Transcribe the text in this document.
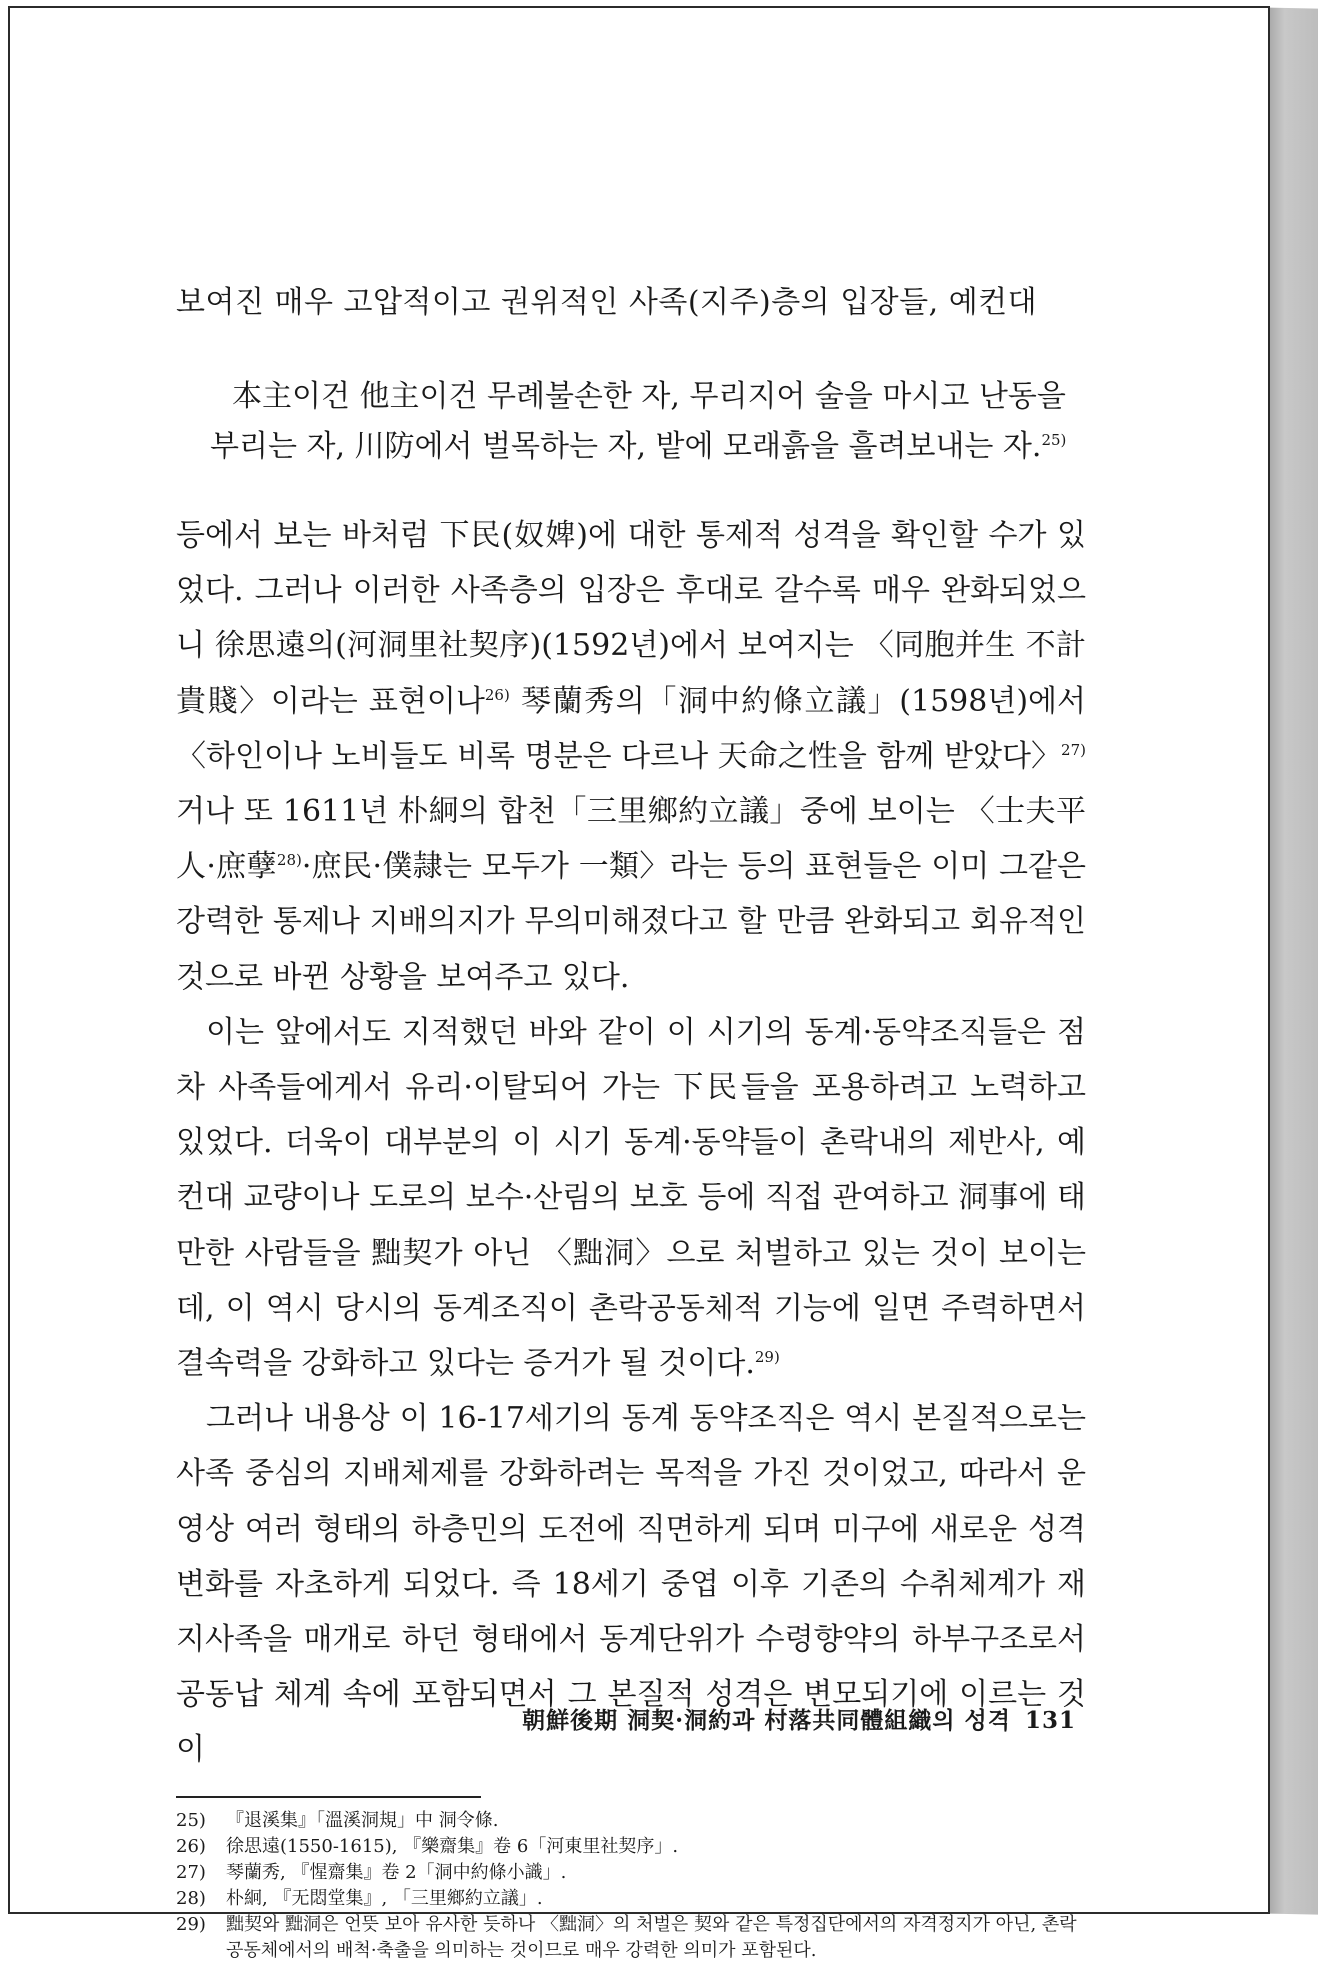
보여진 매우 고압적이고 권위적인 사족(지주)층의 입장들, 예컨대

本主이건 他主이건 무례불손한 자, 무리지어 술을 마시고 난동을

부리는 자, 川防에서 벌목하는 자, 밭에 모래흙을 흘려보내는 자.$^{25)}$

등에서 보는 바처럼 下民(奴婢)에 대한 통제적 성격을 확인할 수가 있었다. 그러나 이러한 사족층의 입장은 후대로 갈수록 매우 완화되었으니 徐思遠의(河洞里社契序)(1592년)에서 보여지는 〈同胞并生 不計貴賤〉이라는 표현이나$^{26)}$ 琴蘭秀의「洞中約條立議」(1598년)에서 〈하인이나 노비들도 비록 명분은 다르나 天命之性을 함께 받았다〉$^{27)}$거나 또 1611년 朴絅의 합천「三里鄉約立議」중에 보이는 〈士夫平人·庶孽$^{28)}$·庶民·僕隷는 모두가 一類〉라는 등의 표현들은 이미 그같은 강력한 통제나 지배의지가 무의미해졌다고 할 만큼 완화되고 회유적인 것으로 바뀐 상황을 보여주고 있다.

이는 앞에서도 지적했던 바와 같이 이 시기의 동계·동약조직들은 점차 사족들에게서 유리·이탈되어 가는 下民들을 포용하려고 노력하고 있었다. 더욱이 대부분의 이 시기 동계·동약들이 촌락내의 제반사, 예컨대 교량이나 도로의 보수·산림의 보호 등에 직접 관여하고 洞事에 태만한 사람들을 黜契가 아닌 〈黜洞〉으로 처벌하고 있는 것이 보이는데, 이 역시 당시의 동계조직이 촌락공동체적 기능에 일면 주력하면서 결속력을 강화하고 있다는 증거가 될 것이다.$^{29)}$

그러나 내용상 이 16-17세기의 동계 동약조직은 역시 본질적으로는 사족 중심의 지배체제를 강화하려는 목적을 가진 것이었고, 따라서 운영상 여러 형태의 하층민의 도전에 직면하게 되며 미구에 새로운 성격변화를 자초하게 되었다. 즉 18세기 중엽 이후 기존의 수취체계가 재지사족을 매개로 하던 형태에서 동계단위가 수령향약의 하부구조로서 공동납 체계 속에 포함되면서 그 본질적 성격은 변모되기에 이르는 것이

25)	『退溪集』「溫溪洞規」中 洞令條.
26)	徐思遠(1550-1615), 『樂齋集』卷 6「河東里社契序」.
27)	琴蘭秀, 『惺齋集』卷 2「洞中約條小識」.
28)	朴絅, 『无悶堂集』, 「三里鄉約立議」.
29)	黜契와 黜洞은 언뜻 보아 유사한 듯하나 〈黜洞〉의 처벌은 契와 같은 특정집단에서의 자격정지가 아닌, 촌락공동체에서의 배척·축출을 의미하는 것이므로 매우 강력한 의미가 포함된다.
朝鮮後期 洞契·洞約과 村落共同體組織의 성격 131
